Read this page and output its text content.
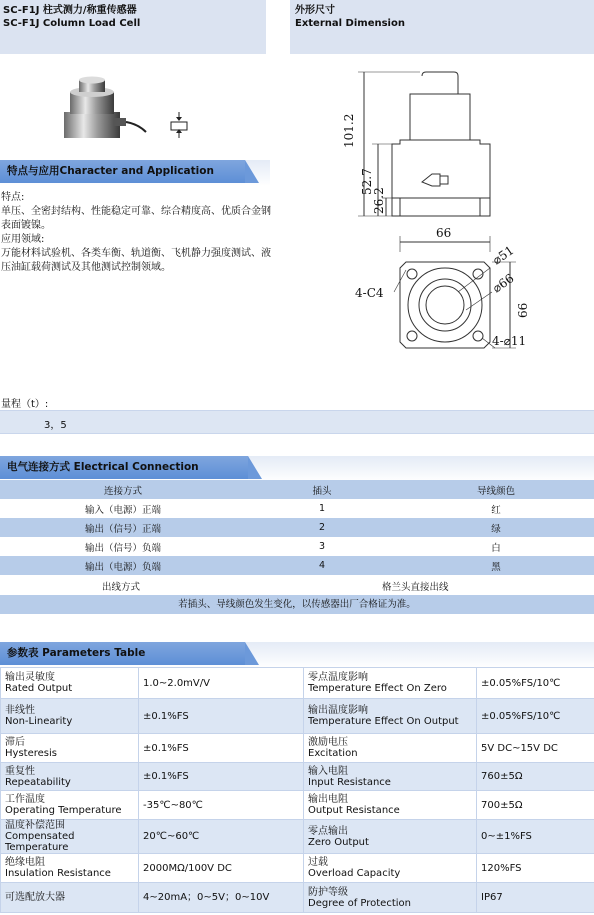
SC-F1J 柱式测力/称重传感器
SC-F1J Column Load Cell
外形尺寸
External Dimension
特点与应用Character and Application
特点:
单压、全密封结构、性能稳定可靠、综合精度高、优质合金钢表面镀镍。
应用领域:
万能材料试验机、各类车衡、轨道衡、飞机静力强度测试、液压油缸载荷测试及其他测试控制领域。
101.2
52.7
26.2
66
⌀51
⌀66
66
4-C4
4-⌀11
量程（t）:
3，5
电气连接方式 Electrical Connection
连接方式	插头	导线颜色
输入（电源）正端	1	红
输出（信号）正端	2	绿
输出（信号）负端	3	白
输出（电源）负端	4	黑
出线方式	格兰头直接出线
若插头、导线颜色发生变化，以传感器出厂合格证为准。
参数表 Parameters Table
输出灵敏度
Rated Output	1.0~2.0mV/V	零点温度影响
Temperature Effect On Zero	±0.05%FS/10℃

非线性
Non-Linearity	±0.1%FS	输出温度影响
Temperature Effect On Output	±0.05%FS/10℃

滞后
Hysteresis	±0.1%FS	激励电压
Excitation	5V DC~15V DC

重复性
Repeatability	±0.1%FS	输入电阻
Input Resistance	760±5Ω

工作温度
Operating Temperature	-35℃~80℃	输出电阻
Output Resistance	700±5Ω

温度补偿范围
Compensated Temperature	20℃~60℃	零点输出
Zero Output	0~±1%FS

绝缘电阻
Insulation Resistance	2000MΩ/100V DC	过载
Overload Capacity	120%FS

可选配放大器	4~20mA；0~5V；0~10V	防护等级
Degree of Protection	IP67
